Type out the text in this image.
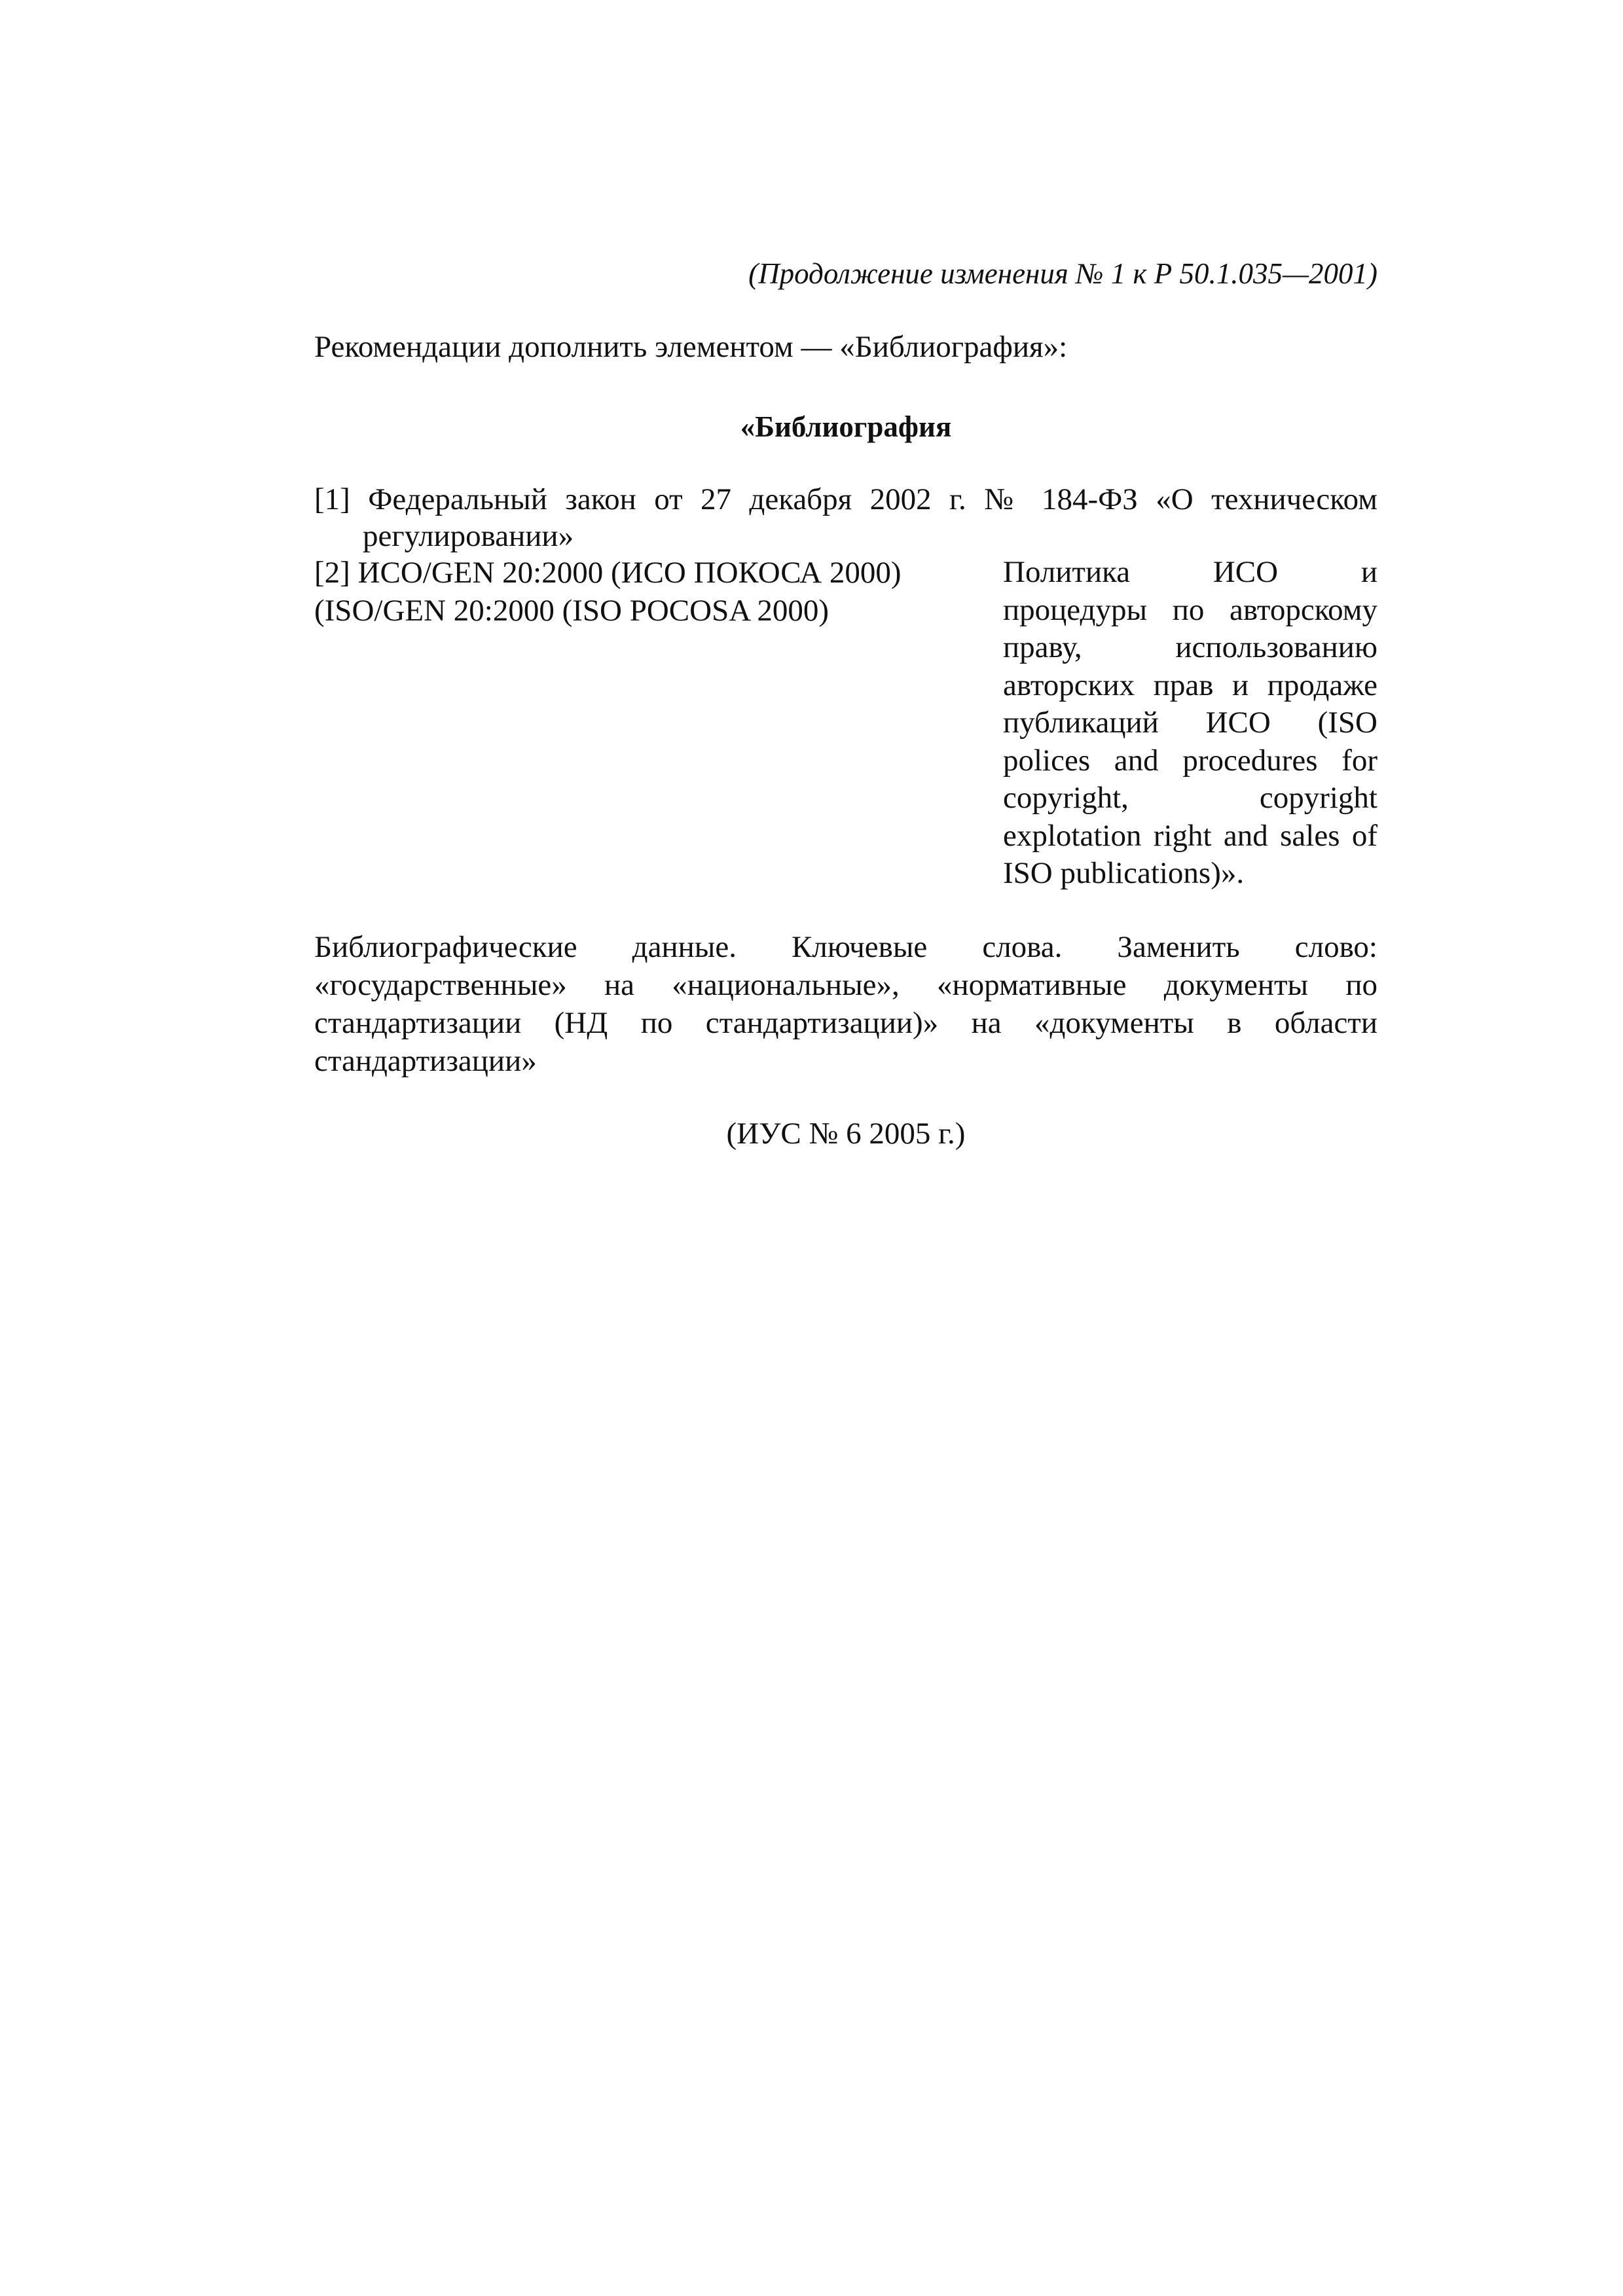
(Продолжение изменения № 1 к Р 50.1.035—2001)
Рекомендации дополнить элементом — «Библиография»:
«Библиография
[1] Федеральный закон от 27 декабря 2002 г. № 184-ФЗ «О техническом
регулировании»
[2] ИСО/GEN 20:2000 (ИСО ПОКОСА 2000)
(ISO/GEN 20:2000 (ISO POCOSA 2000)
Политика ИСО и процедуры по авторскому праву, использованию авторских прав и продаже публикаций ИСО (ISO polices and procedures for copyright, copyright explotation right and sales of ISO publications)».
Библиографические данные. Ключевые слова. Заменить слово: «государственные» на «национальные», «нормативные документы по стандартизации (НД по стандартизации)» на «документы в области стандартизации»
(ИУС № 6 2005 г.)
